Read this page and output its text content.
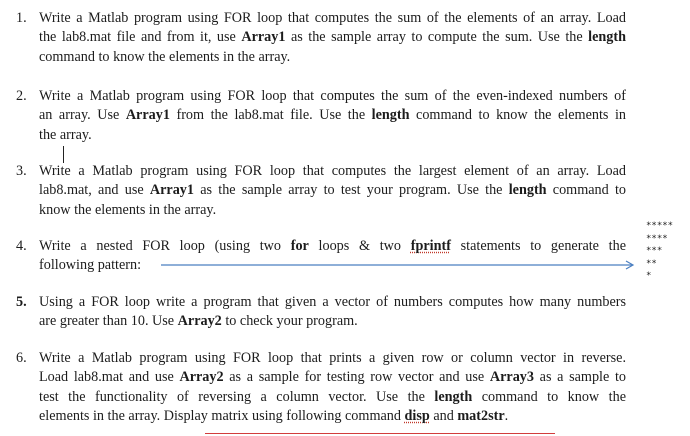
1. Write a Matlab program using FOR loop that computes the sum of the elements of an array. Load
the lab8.mat file and from it, use Array1 as the sample array to compute the sum. Use the length
command to know the elements in the array.
2. Write a Matlab program using FOR loop that computes the sum of the even-indexed numbers of
an array. Use Array1 from the lab8.mat file. Use the length command to know the elements in
the array.
3. Write a Matlab program using FOR loop that computes the largest element of an array. Load
lab8.mat, and use Array1 as the sample array to test your program. Use the length command to
know the elements in the array.
4. Write a nested FOR loop (using two for loops & two fprintf statements to generate the
following pattern:
5. Using a FOR loop write a program that given a vector of numbers computes how many numbers
are greater than 10. Use Array2 to check your program.
6. Write a Matlab program using FOR loop that prints a given row or column vector in reverse.
Load lab8.mat and use Array2 as a sample for testing row vector and use Array3 as a sample to
test the functionality of reversing a column vector. Use the length command to know the
elements in the array. Display matrix using following command disp and mat2str.
*****
****
***
**
*
